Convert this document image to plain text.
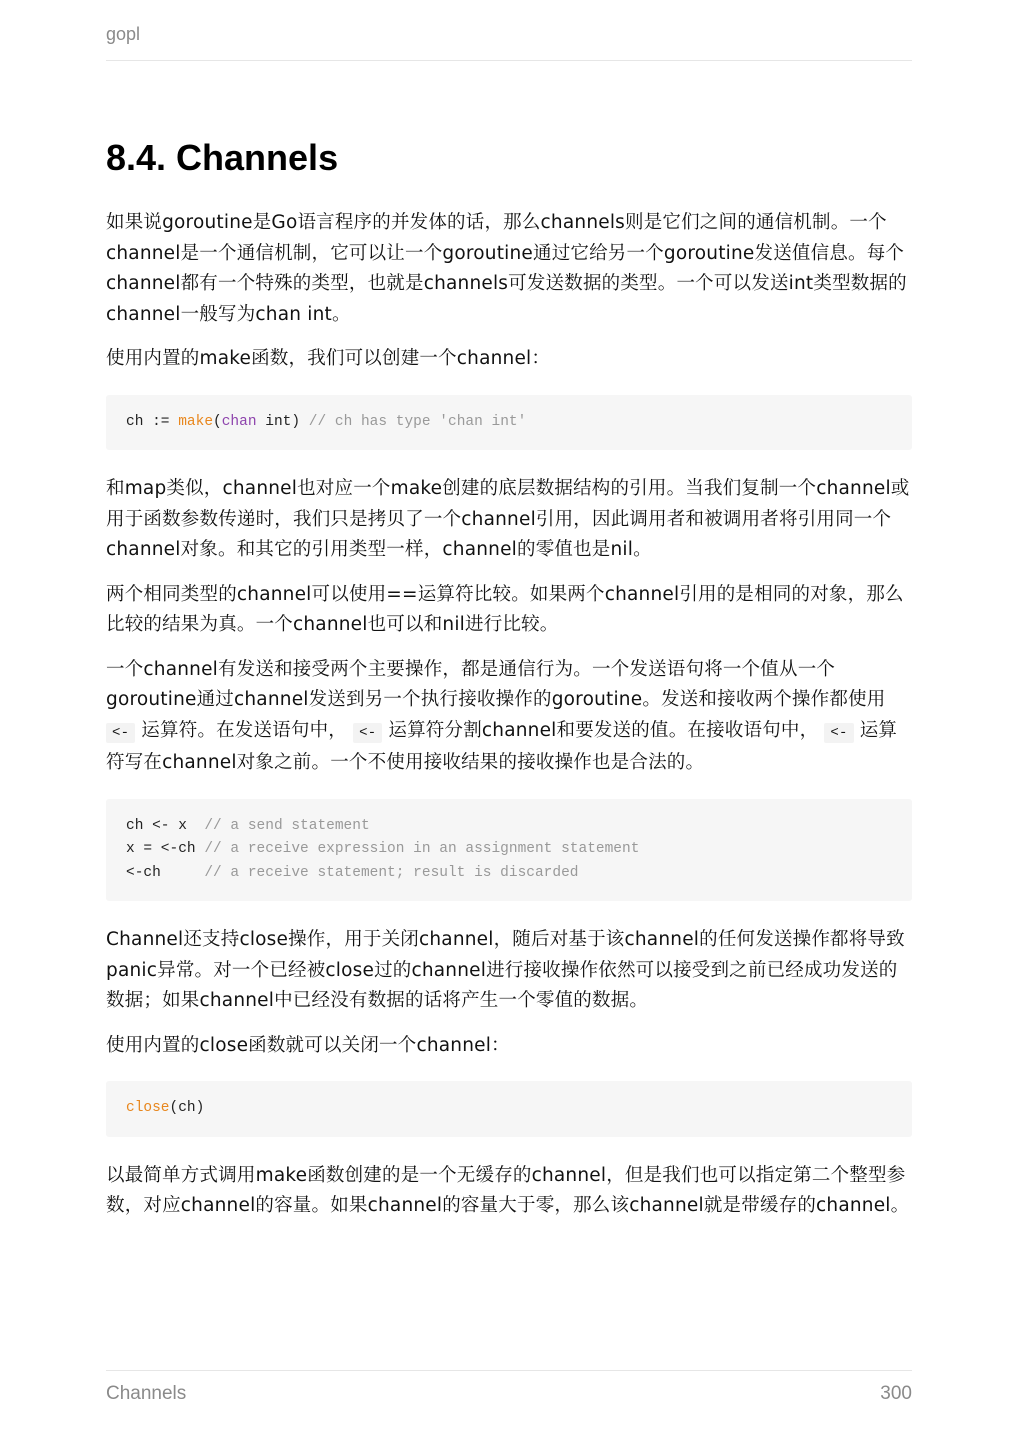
gopl
8.4. Channels

如果说goroutine是Go语言程序的并发体的话，那么channels则是它们之间的通信机制。一个channel是一个通信机制，它可以让一个goroutine通过它给另一个goroutine发送值信息。每个channel都有一个特殊的类型，也就是channels可发送数据的类型。一个可以发送int类型数据的channel一般写为chan int。

使用内置的make函数，我们可以创建一个channel：

ch := make(chan int) // ch has type 'chan int'

和map类似，channel也对应一个make创建的底层数据结构的引用。当我们复制一个channel或用于函数参数传递时，我们只是拷贝了一个channel引用，因此调用者和被调用者将引用同一个channel对象。和其它的引用类型一样，channel的零值也是nil。

两个相同类型的channel可以使用==运算符比较。如果两个channel引用的是相同的对象，那么比较的结果为真。一个channel也可以和nil进行比较。

一个channel有发送和接受两个主要操作，都是通信行为。一个发送语句将一个值从一个goroutine通过channel发送到另一个执行接收操作的goroutine。发送和接收两个操作都使用 <- 运算符。在发送语句中， <- 运算符分割channel和要发送的值。在接收语句中， <- 运算符写在channel对象之前。一个不使用接收结果的接收操作也是合法的。

ch <- x  // a send statement
x = <-ch // a receive expression in an assignment statement
<-ch     // a receive statement; result is discarded

Channel还支持close操作，用于关闭channel，随后对基于该channel的任何发送操作都将导致panic异常。对一个已经被close过的channel进行接收操作依然可以接受到之前已经成功发送的数据；如果channel中已经没有数据的话将产生一个零值的数据。

使用内置的close函数就可以关闭一个channel：

close(ch)

以最简单方式调用make函数创建的是一个无缓存的channel，但是我们也可以指定第二个整型参数，对应channel的容量。如果channel的容量大于零，那么该channel就是带缓存的channel。

Channels	300
